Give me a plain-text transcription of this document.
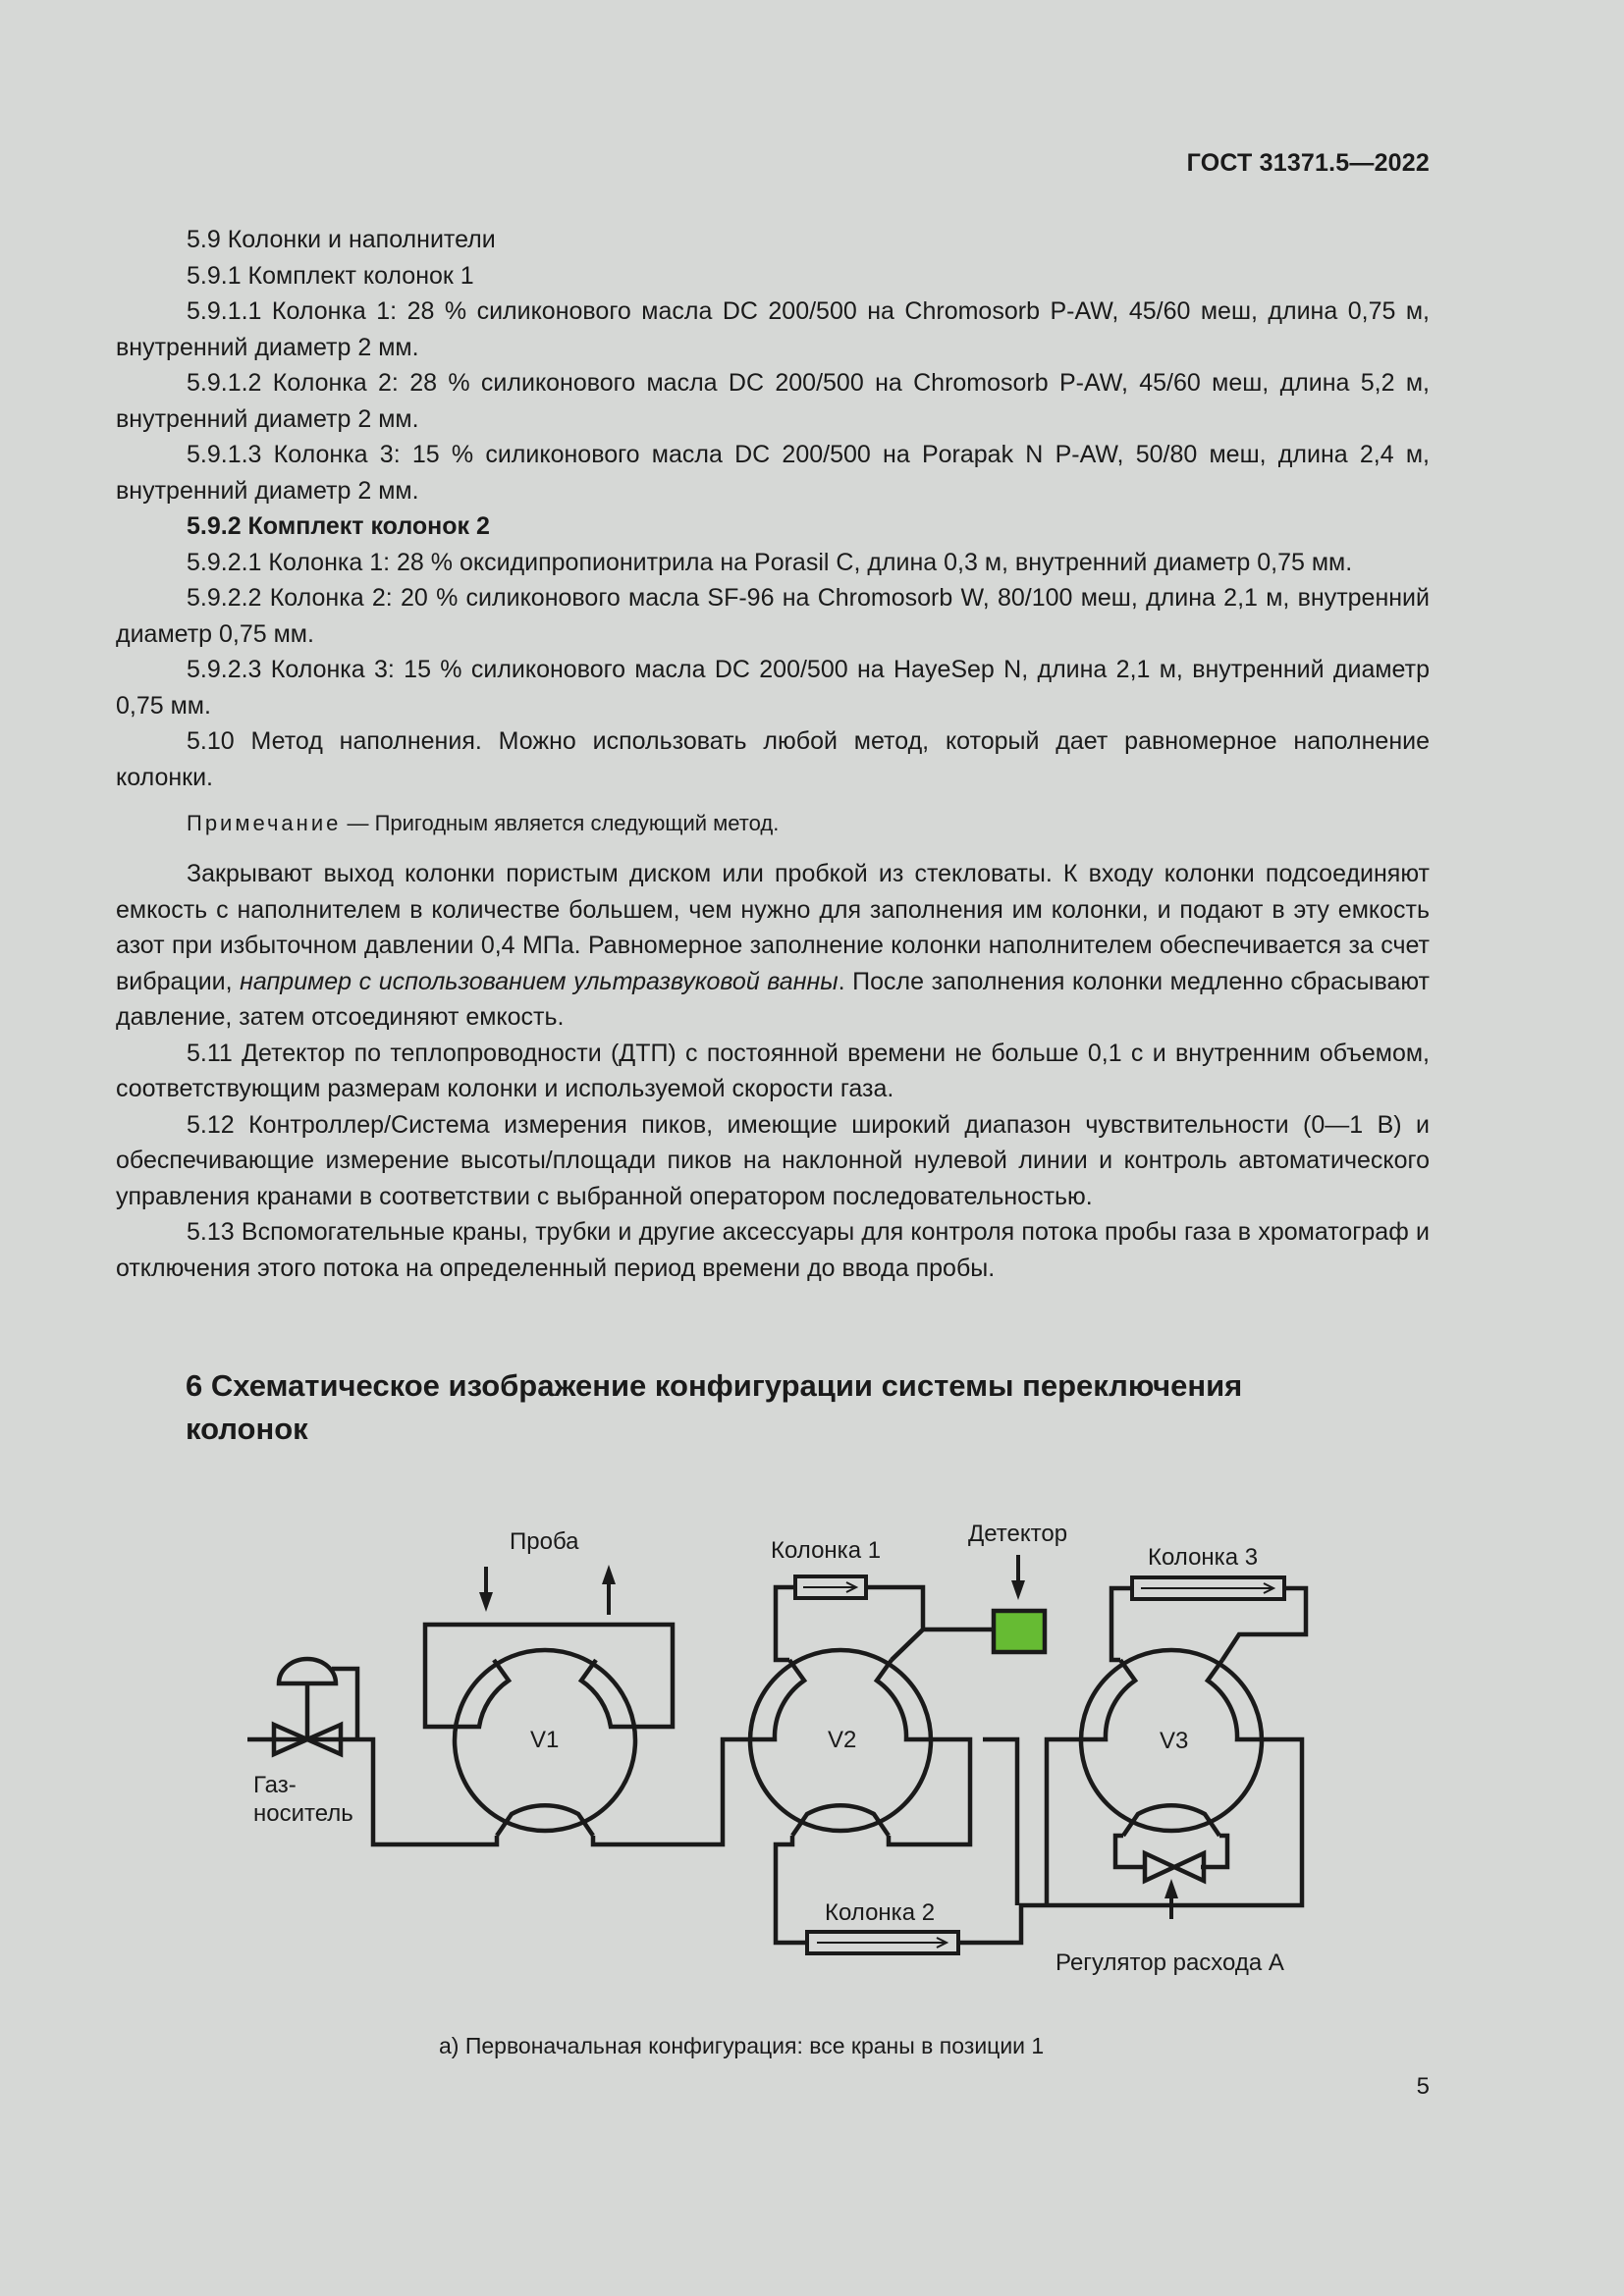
ГОСТ 31371.5—2022

5.9 Колонки и наполнители

5.9.1 Комплект колонок 1

5.9.1.1 Колонка 1: 28 % силиконового масла DC 200/500 на Chromosorb P-AW, 45/60 меш, длина 0,75 м, внутренний диаметр 2 мм.

5.9.1.2 Колонка 2: 28 % силиконового масла DC 200/500 на Chromosorb P-AW, 45/60 меш, длина 5,2 м, внутренний диаметр 2 мм.

5.9.1.3 Колонка 3: 15 % силиконового масла DC 200/500 на Porapak N P-AW, 50/80 меш, длина 2,4 м, внутренний диаметр 2 мм.

5.9.2 Комплект колонок 2

5.9.2.1 Колонка 1: 28 % оксидипропионитрила на Porasil C, длина 0,3 м, внутренний диаметр 0,75 мм.

5.9.2.2 Колонка 2: 20 % силиконового масла SF-96 на Chromosorb W, 80/100 меш, длина 2,1 м, внутренний диаметр 0,75 мм.

5.9.2.3 Колонка 3: 15 % силиконового масла DC 200/500 на HayeSep N, длина 2,1 м, внутренний диаметр 0,75 мм.

5.10 Метод наполнения. Можно использовать любой метод, который дает равномерное наполнение колонки.

Примечание — Пригодным является следующий метод.

Закрывают выход колонки пористым диском или пробкой из стекловаты. К входу колонки подсоединяют емкость с наполнителем в количестве большем, чем нужно для заполнения им колонки, и подают в эту емкость азот при избыточном давлении 0,4 МПа. Равномерное заполнение колонки наполнителем обеспечивается за счет вибрации, например с использованием ультразвуковой ванны. После заполнения колонки медленно сбрасывают давление, затем отсоединяют емкость.

5.11 Детектор по теплопроводности (ДТП) с постоянной времени не больше 0,1 с и внутренним объемом, соответствующим размерам колонки и используемой скорости газа.

5.12 Контроллер/Система измерения пиков, имеющие широкий диапазон чувствительности (0—1 В) и обеспечивающие измерение высоты/площади пиков на наклонной нулевой линии и контроль автоматического управления кранами в соответствии с выбранной оператором последовательностью.

5.13 Вспомогательные краны, трубки и другие аксессуары для контроля потока пробы газа в хроматограф и отключения этого потока на определенный период времени до ввода пробы.

6 Схематическое изображение конфигурации системы переключения колонок
Проба	Колонка 1
Детектор
Колонка 3
Колонка 2
V1	V2	V3
Газ-
носитель
Регулятор расхода А
а) Первоначальная конфигурация: все краны в позиции 1
5
